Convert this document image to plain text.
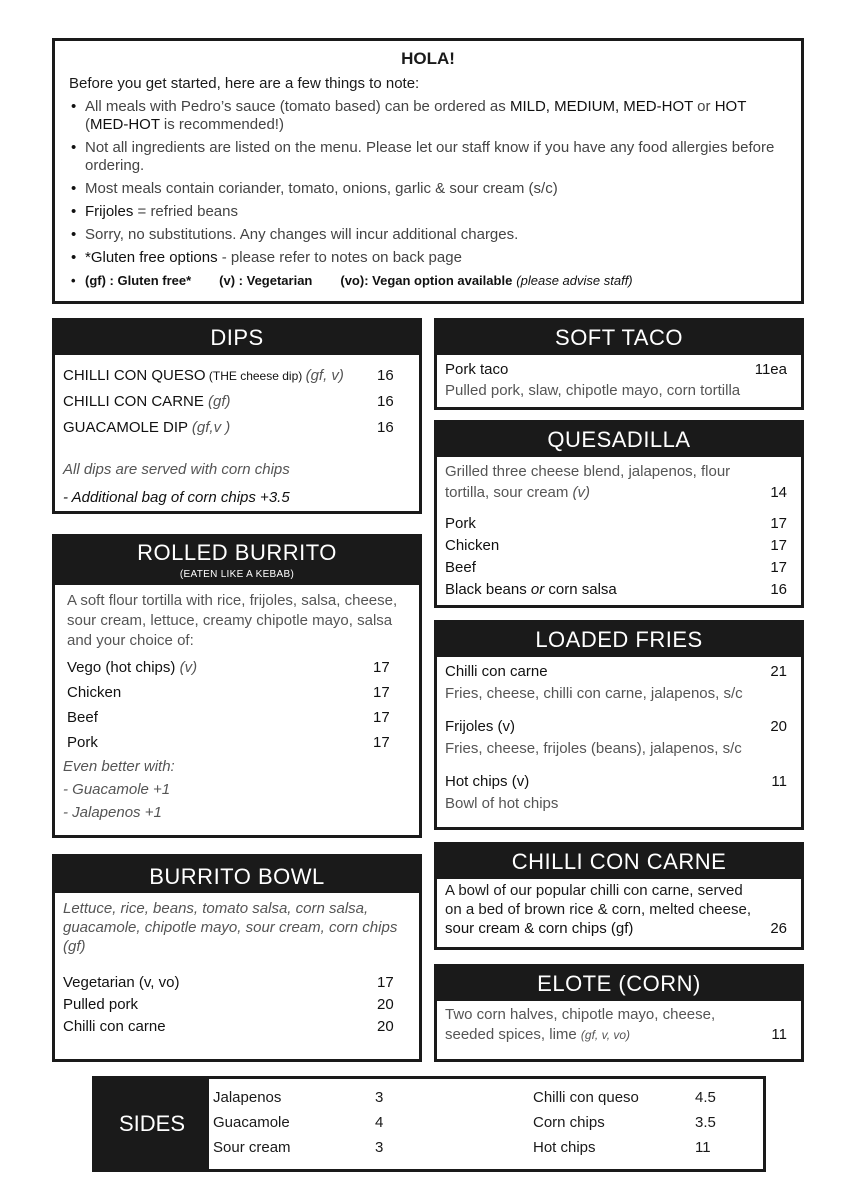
HOLA!
Before you get started, here are a few things to note:
• All meals with Pedro’s sauce (tomato based) can be ordered as MILD, MEDIUM, MED-HOT or HOT (MED-HOT is recommended!)
• Not all ingredients are listed on the menu. Please let our staff know if you have any food allergies before ordering.
• Most meals contain coriander, tomato, onions, garlic & sour cream (s/c)
• Frijoles = refried beans
• Sorry, no substitutions. Any changes will incur additional charges.
• *Gluten free options - please refer to notes on back page
• (gf) : Gluten free* (v) : Vegetarian (vo): Vegan option available (please advise staff)
DIPS
CHILLI CON QUESO (THE cheese dip) (gf, v) 16
CHILLI CON CARNE (gf)	16
GUACAMOLE DIP (gf,v )	16
All dips are served with corn chips
- Additional bag of corn chips +3.5
ROLLED BURRITO
(EATEN LIKE A KEBAB)
A soft flour tortilla with rice, frijoles, salsa, cheese, sour cream, lettuce, creamy chipotle mayo, salsa and your choice of:
Vego (hot chips) (v)	17
Chicken	17
Beef	17
Pork	17
Even better with:
- Guacamole +1
- Jalapenos +1
BURRITO BOWL
Lettuce, rice, beans, tomato salsa, corn salsa, guacamole, chipotle mayo, sour cream, corn chips (gf)
Vegetarian (v, vo)	17
Pulled pork	20
Chilli con carne	20
SOFT TACO
Pork taco	11ea
Pulled pork, slaw, chipotle mayo, corn tortilla
QUESADILLA
Grilled three cheese blend, jalapenos, flour tortilla, sour cream (v)	14
Pork	17
Chicken	17
Beef	17
Black beans or corn salsa	16
LOADED FRIES
Chilli con carne	21
Fries, cheese, chilli con carne, jalapenos, s/c
Frijoles (v)	20
Fries, cheese, frijoles (beans), jalapenos, s/c
Hot chips (v)	11
Bowl of hot chips
CHILLI CON CARNE
A bowl of our popular chilli con carne, served
on a bed of brown rice & corn, melted cheese,
sour cream & corn chips (gf)	26
ELOTE (CORN)
Two corn halves, chipotle mayo, cheese,
seeded spices, lime (gf, v, vo)	11
SIDES
Jalapenos	3
Guacamole	4
Sour cream	3
Chilli con queso	4.5
Corn chips	3.5
Hot chips	11
